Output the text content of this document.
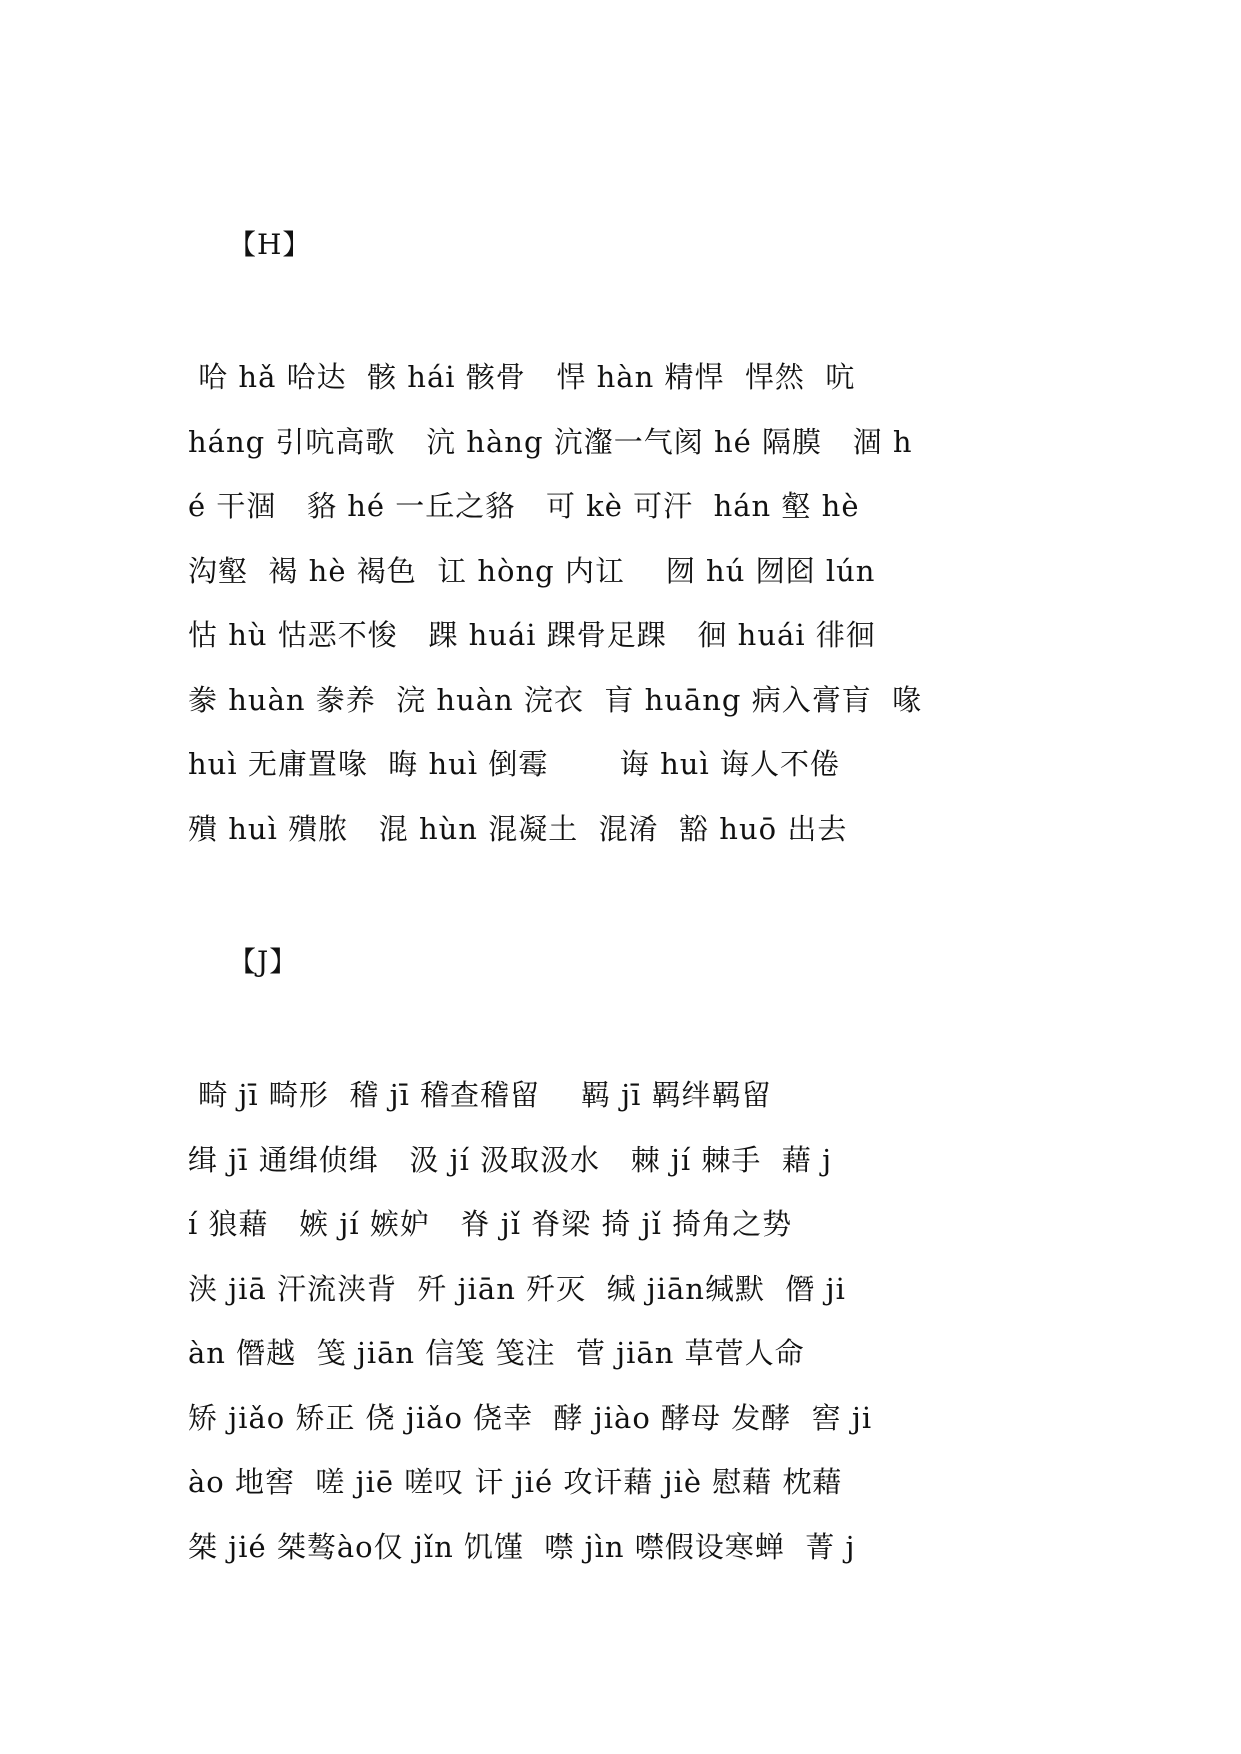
【H】
哈 hǎ 哈达  骸 hái 骸骨   悍 hàn 精悍  悍然  吭
háng 引吭高歌   沆 hàng 沆瀣一气阂 hé 隔膜   涸 h
é 干涸   貉 hé 一丘之貉   可 kè 可汗  hán 壑 hè
沟壑  褐 hè 褐色  讧 hòng 内讧    囫 hú 囫囵 lún
怙 hù 怙恶不悛   踝 huái 踝骨足踝   徊 huái 徘徊
豢 huàn 豢养  浣 huàn 浣衣  肓 huāng 病入膏肓  喙
huì 无庸置喙  晦 huì 倒霉       诲 huì 诲人不倦
殨 huì 殨脓   混 hùn 混凝土  混淆  豁 huō 出去
【J】
畸 jī 畸形  稽 jī 稽查稽留    羁 jī 羁绊羁留
缉 jī 通缉侦缉   汲 jí 汲取汲水   棘 jí 棘手  藉 j
í 狼藉   嫉 jí 嫉妒   脊 jǐ 脊梁 掎 jǐ 掎角之势
浃 jiā 汗流浃背  歼 jiān 歼灭  缄 jiān缄默  僭 ji
àn 僭越  笺 jiān 信笺 笺注  菅 jiān 草菅人命
矫 jiǎo 矫正 侥 jiǎo 侥幸  酵 jiào 酵母 发酵  窖 ji
ào 地窖  嗟 jiē 嗟叹 讦 jié 攻讦藉 jiè 慰藉 枕藉
桀 jié 桀骜ào仅 jǐn 饥馑  噤 jìn 噤假设寒蝉  菁 j
